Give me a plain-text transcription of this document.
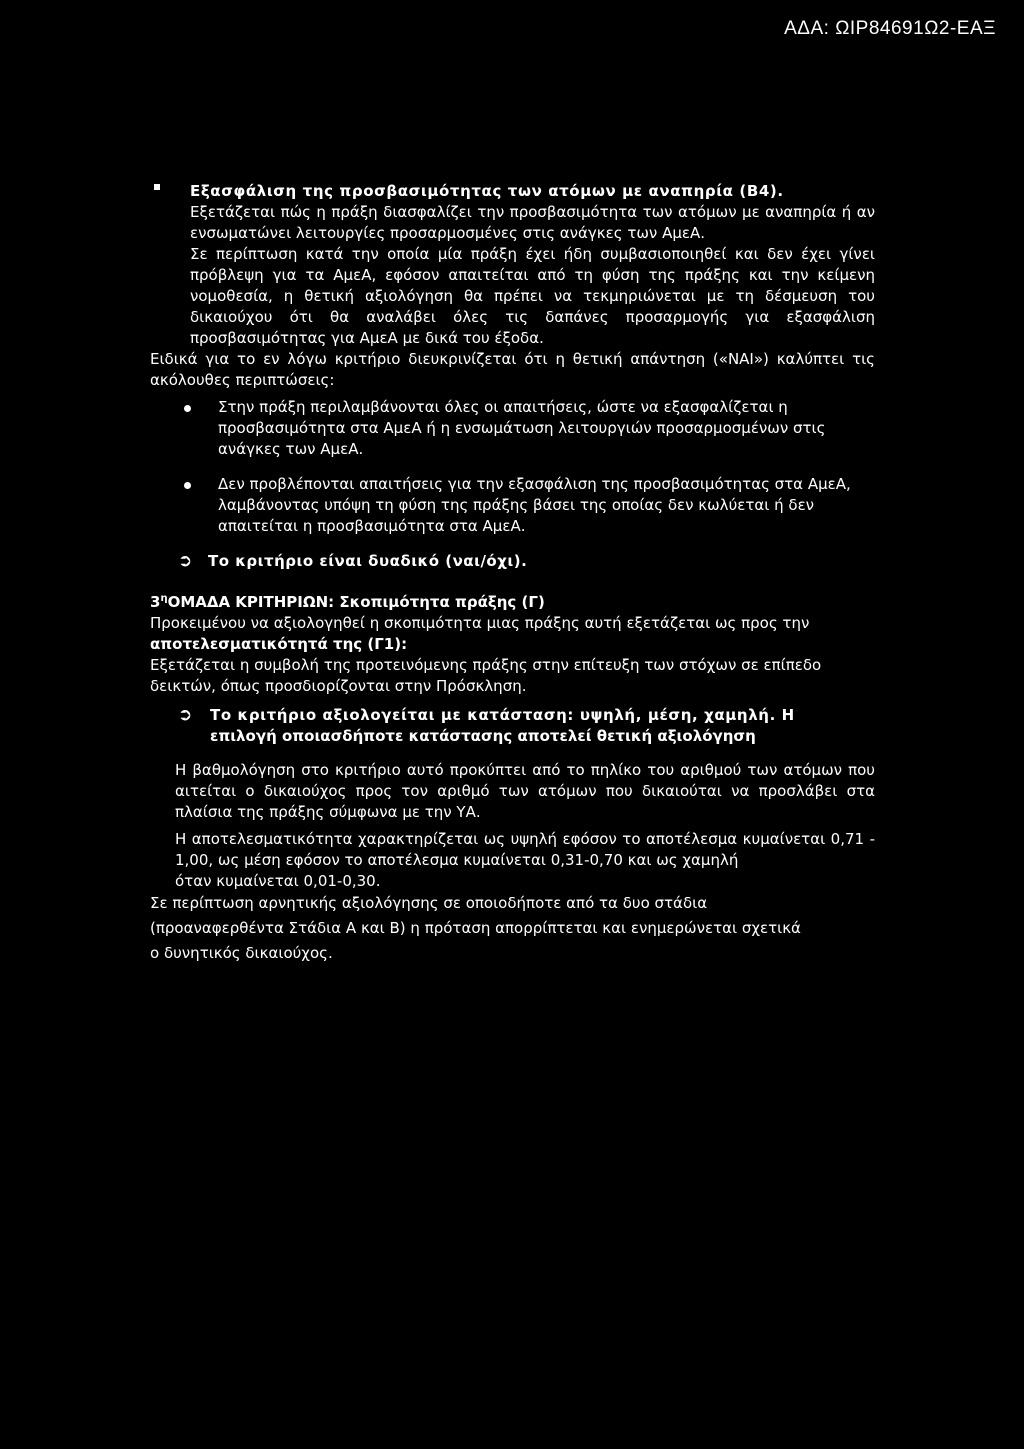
ΑΔΑ: ΩΙΡ84691Ω2-ΕΑΞ

Εξασφάλιση της προσβασιμότητας των ατόμων με αναπηρία (Β4).

Εξετάζεται πώς η πράξη διασφαλίζει την προσβασιμότητα των ατόμων με αναπηρία ή αν ενσωματώνει λειτουργίες προσαρμοσμένες στις ανάγκες των ΑμεΑ.

Σε περίπτωση κατά την οποία μία πράξη έχει ήδη συμβασιοποιηθεί και δεν έχει γίνει πρόβλεψη για τα ΑμεΑ, εφόσον απαιτείται από τη φύση της πράξης και την κείμενη νομοθεσία, η θετική αξιολόγηση θα πρέπει να τεκμηριώνεται με τη δέσμευση του δικαιούχου ότι θα αναλάβει όλες τις δαπάνες προσαρμογής για εξασφάλιση προσβασιμότητας για ΑμεΑ με δικά του έξοδα.

Ειδικά για το εν λόγω κριτήριο διευκρινίζεται ότι η θετική απάντηση («ΝΑΙ») καλύπτει τις ακόλουθες περιπτώσεις:

Στην πράξη περιλαμβάνονται όλες οι απαιτήσεις, ώστε να εξασφαλίζεται η προσβασιμότητα στα ΑμεΑ ή η ενσωμάτωση λειτουργιών προσαρμοσμένων στις ανάγκες των ΑμεΑ.

Δεν προβλέπονται απαιτήσεις για την εξασφάλιση της προσβασιμότητας στα ΑμεΑ, λαμβάνοντας υπόψη τη φύση της πράξης βάσει της οποίας δεν κωλύεται ή δεν απαιτείται η προσβασιμότητα στα ΑμεΑ.

➲ Το κριτήριο είναι δυαδικό (ναι/όχι).

$3^\eta OMA\Delta A$ ΚΡΙΤΗΡΙΩΝ: Σκοπιμότητα πράξης (Γ)

Προκειμένου να αξιολογηθεί η σκοπιμότητα μιας πράξης αυτή εξετάζεται ως προς την
αποτελεσματικότητά της (Γ1):

Εξετάζεται η συμβολή της προτεινόμενης πράξης στην επίτευξη των στόχων σε επίπεδο δεικτών, όπως προσδιορίζονται στην Πρόσκληση.

➲ Το κριτήριο αξιολογείται με κατάσταση: υψηλή, μέση, χαμηλή. Η

επιλογή οποιασδήποτε κατάστασης αποτελεί θετική αξιολόγηση

Η βαθμολόγηση στο κριτήριο αυτό προκύπτει από το πηλίκο του αριθμού των ατόμων που αιτείται ο δικαιούχος προς τον αριθμό των ατόμων που δικαιούται να προσλάβει στα πλαίσια της πράξης σύμφωνα με την ΥΑ.

Η αποτελεσματικότητα χαρακτηρίζεται ως υψηλή εφόσον το αποτέλεσμα κυμαίνεται 0,71 - 1,00, ως μέση εφόσον το αποτέλεσμα κυμαίνεται 0,31-0,70 και ως χαμηλή

όταν κυμαίνεται 0,01-0,30.

Σε περίπτωση αρνητικής αξιολόγησης σε οποιοδήποτε από τα δυο στάδια

(προαναφερθέντα Στάδια Α και Β) η πρόταση απορρίπτεται και ενημερώνεται σχετικά

ο δυνητικός δικαιούχος.
